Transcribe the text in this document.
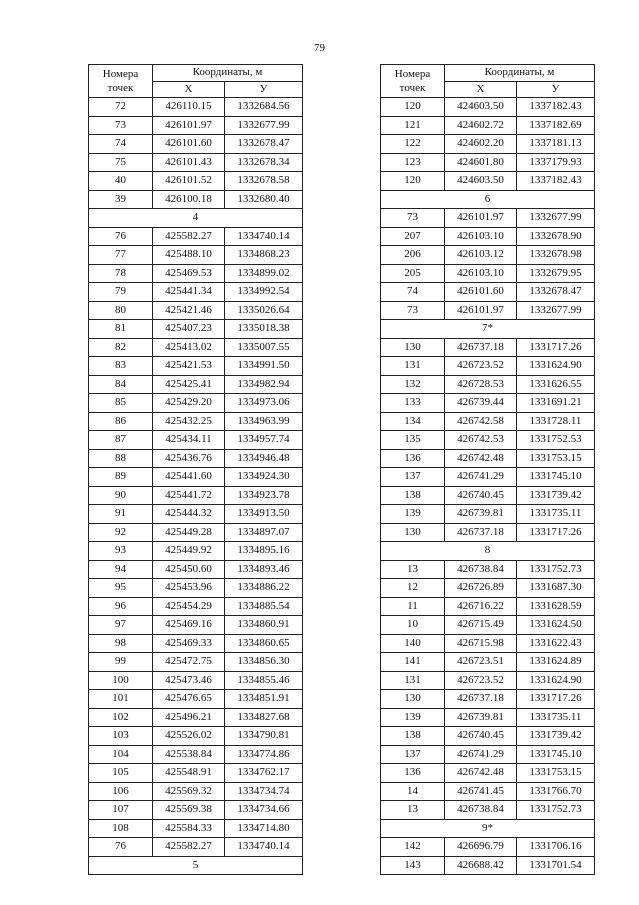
79
Номера
точек	Координаты, м	
	X	У
72	426110.15	1332684.56
73	426101.97	1332677.99
74	426101.60	1332678.47
75	426101.43	1332678.34
40	426101.52	1332678.58
39	426100.18	1332680.40
4		
76	425582.27	1334740.14
77	425488.10	1334868.23
78	425469.53	1334899.02
79	425441.34	1334992.54
80	425421.46	1335026.64
81	425407.23	1335018.38
82	425413.02	1335007.55
83	425421.53	1334991.50
84	425425.41	1334982.94
85	425429.20	1334973.06
86	425432.25	1334963.99
87	425434.11	1334957.74
88	425436.76	1334946.48
89	425441.60	1334924.30
90	425441.72	1334923.78
91	425444.32	1334913.50
92	425449.28	1334897.07
93	425449.92	1334895.16
94	425450.60	1334893.46
95	425453.96	1334886.22
96	425454.29	1334885.54
97	425469.16	1334860.91
98	425469.33	1334860.65
99	425472.75	1334856.30
100	425473.46	1334855.46
101	425476.65	1334851.91
102	425496.21	1334827.68
103	425526.02	1334790.81
104	425538.84	1334774.86
105	425548.91	1334762.17
106	425569.32	1334734.74
107	425569.38	1334734.66
108	425584.33	1334714.80
76	425582.27	1334740.14
5		
Номера
точек	Координаты, м	
	X	У
120	424603.50	1337182.43
121	424602.72	1337182.69
122	424602.20	1337181.13
123	424601.80	1337179.93
120	424603.50	1337182.43
6		
73	426101.97	1332677.99
207	426103.10	1332678.90
206	426103.12	1332678.98
205	426103.10	1332679.95
74	426101.60	1332678.47
73	426101.97	1332677.99
7*		
130	426737.18	1331717.26
131	426723.52	1331624.90
132	426728.53	1331626.55
133	426739.44	1331691.21
134	426742.58	1331728.11
135	426742.53	1331752.53
136	426742.48	1331753.15
137	426741.29	1331745.10
138	426740.45	1331739.42
139	426739.81	1331735.11
130	426737.18	1331717.26
8		
13	426738.84	1331752.73
12	426726.89	1331687.30
11	426716.22	1331628.59
10	426715.49	1331624.50
140	426715.98	1331622.43
141	426723.51	1331624.89
131	426723.52	1331624.90
130	426737.18	1331717.26
139	426739.81	1331735.11
138	426740.45	1331739.42
137	426741.29	1331745.10
136	426742.48	1331753.15
14	426741.45	1331766.70
13	426738.84	1331752.73
9*		
142	426696.79	1331706.16
143	426688.42	1331701.54
